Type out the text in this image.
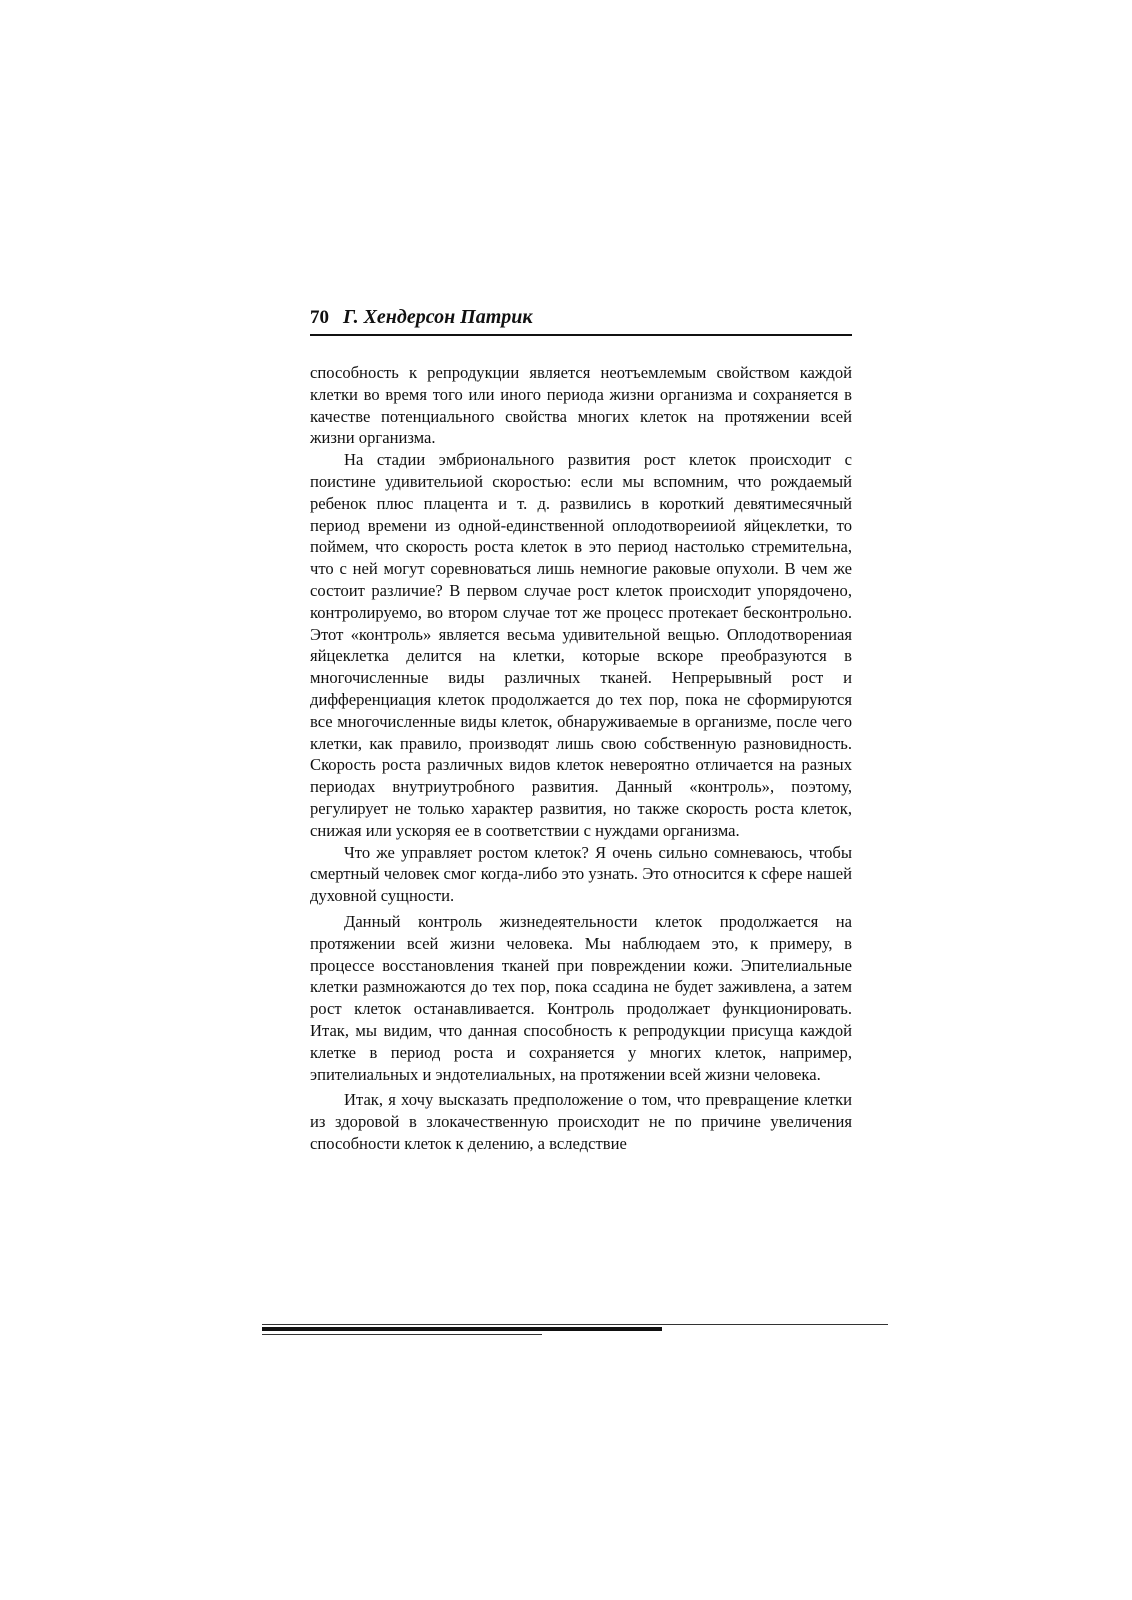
70 Г. Хендерсон Патрик

способность к репродукции является неотъемлемым свойством каждой клетки во время того или иного периода жизни организма и сохраняется в качестве потенциального свойства многих клеток на протяжении всей жизни организма.

На стадии эмбрионального развития рост клеток происходит с поистине удивительиой скоростью: если мы вспомним, что рождаемый ребенок плюс плацента и т. д. развились в короткий девятимесячный период времени из одной-единственной оплодотвореииой яйцеклетки, то поймем, что скорость роста клеток в это период настолько стремительна, что с ней могут соревноваться лишь немногие раковые опухоли. В чем же состоит различие? В первом случае рост клеток происходит упорядочено, контролируемо, во втором случае тот же процесс протекает бесконтрольно. Этот «контроль» является весьма удивительной вещью. Оплодотворениая яйцеклетка делится на клетки, которые вскоре преобразуются в многочисленные виды различных тканей. Непрерывный рост и дифференциация клеток продолжается до тех пор, пока не сформируются все многочисленные виды клеток, обнаруживаемые в организме, после чего клетки, как правило, производят лишь свою собственную разновидность. Скорость роста различных видов клеток невероятно отличается на разных периодах внутриутробного развития. Данный «контроль», поэтому, регулирует не только характер развития, но также скорость роста клеток, снижая или ускоряя ее в соответствии с нуждами организма.

Что же управляет ростом клеток? Я очень сильно сомневаюсь, чтобы смертный человек смог когда-либо это узнать. Это относится к сфере нашей духовной сущности.

Данный контроль жизнедеятельности клеток продолжается на протяжении всей жизни человека. Мы наблюдаем это, к примеру, в процессе восстановления тканей при повреждении кожи. Эпителиальные клетки размножаются до тех пор, пока ссадина не будет заживлена, а затем рост клеток останавливается. Контроль продолжает функционировать. Итак, мы видим, что данная способность к репродукции присуща каждой клетке в период роста и сохраняется у многих клеток, например, эпителиальных и эндотелиальных, на протяжении всей жизни человека.

Итак, я хочу высказать предположение о том, что превращение клетки из здоровой в злокачественную происходит не по причине увеличения способности клеток к делению, а вследствие
